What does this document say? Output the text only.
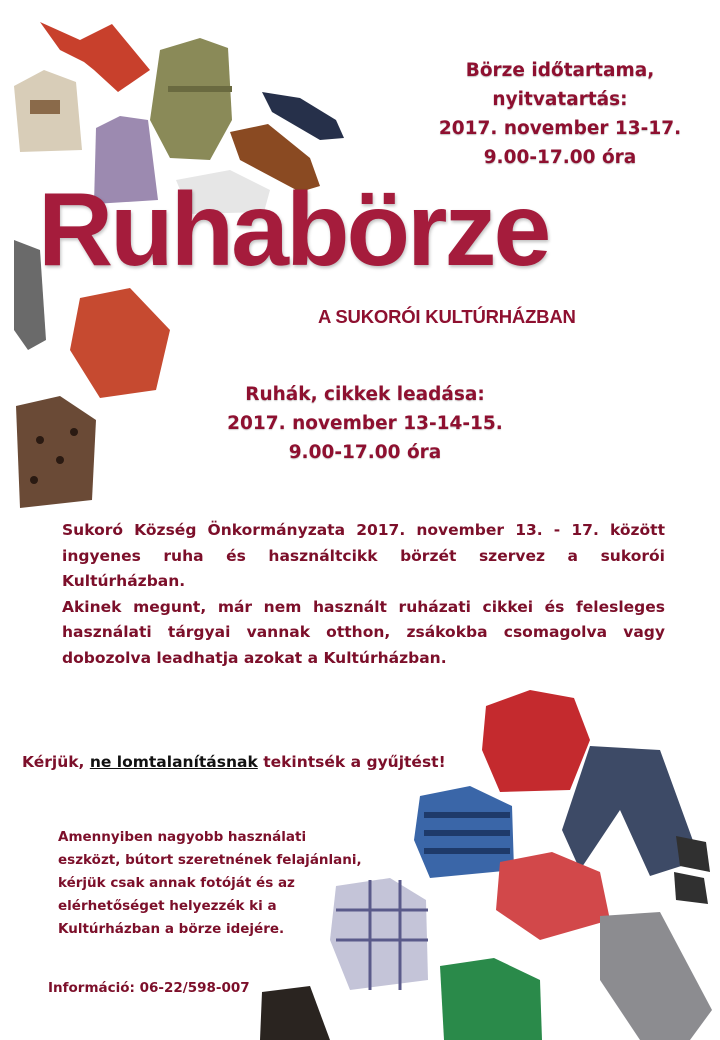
Börze időtartama,
nyitvatartás:
2017. november 13-17.
9.00-17.00 óra
Ruhabörze
A SUKORÓI KULTÚRHÁZBAN
Ruhák, cikkek leadása:
2017. november 13-14-15.
9.00-17.00 óra

Sukoró Község Önkormányzata 2017. november 13. - 17. között ingyenes ruha és használtcikk börzét szervez a sukorói Kultúrházban.

Akinek megunt, már nem használt ruházati cikkei és felesleges használati tárgyai vannak otthon, zsákokba csomagolva vagy dobozolva leadhatja azokat a Kultúrházban.

Kérjük, ne lomtalanításnak tekintsék a gyűjtést!
Amennyiben nagyobb használati
eszközt, bútort szeretnének felajánlani,
kérjük csak annak fotóját és az
elérhetőséget helyezzék ki a
Kultúrházban a börze idejére.
Információ: 06-22/598-007
